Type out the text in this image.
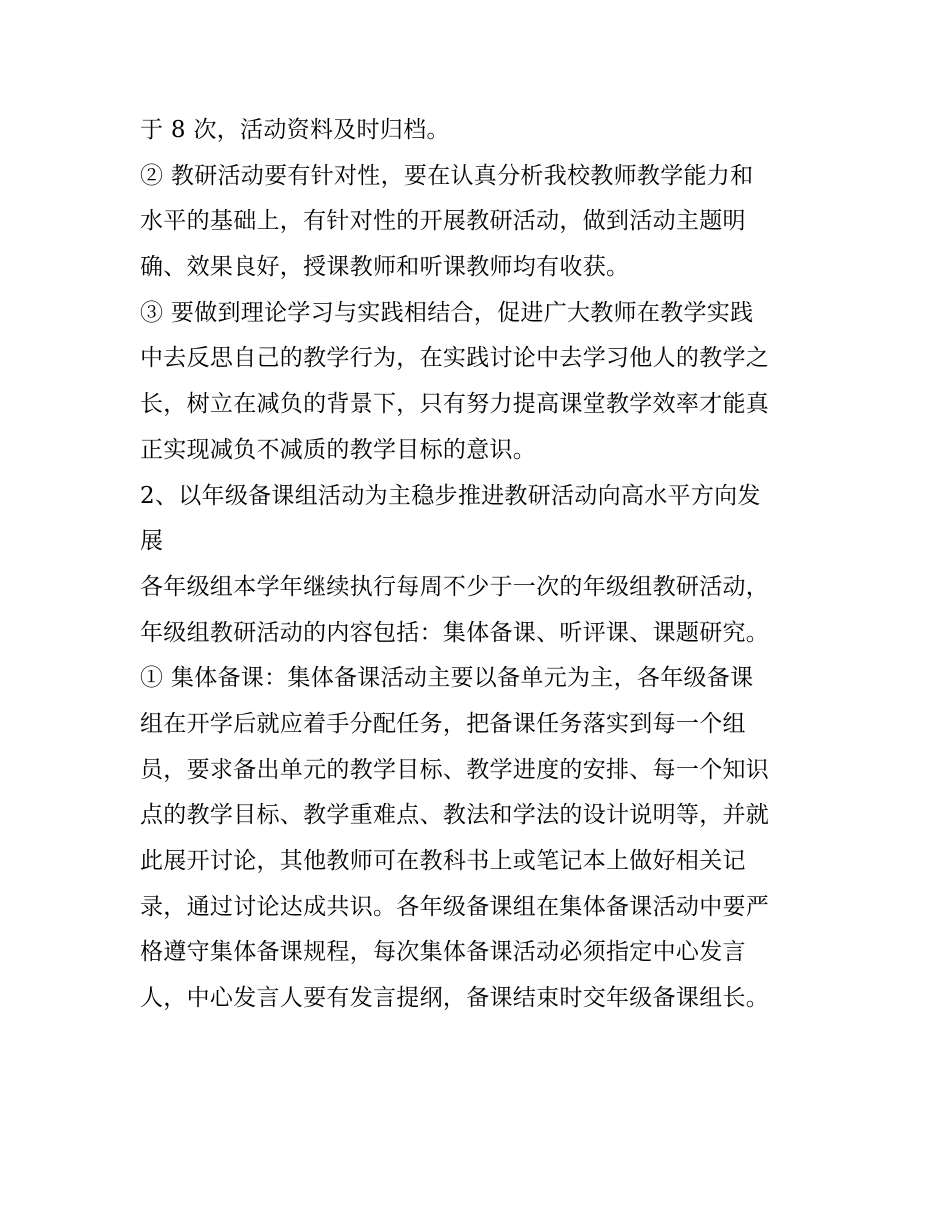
于 8 次，活动资料及时归档。
② 教研活动要有针对性，要在认真分析我校教师教学能力和
水平的基础上，有针对性的开展教研活动，做到活动主题明
确、效果良好，授课教师和听课教师均有收获。
③ 要做到理论学习与实践相结合，促进广大教师在教学实践
中去反思自己的教学行为，在实践讨论中去学习他人的教学之
长，树立在减负的背景下，只有努力提高课堂教学效率才能真
正实现减负不减质的教学目标的意识。
2、以年级备课组活动为主稳步推进教研活动向高水平方向发
展
各年级组本学年继续执行每周不少于一次的年级组教研活动，
年级组教研活动的内容包括：集体备课、听评课、课题研究。
① 集体备课：集体备课活动主要以备单元为主，各年级备课
组在开学后就应着手分配任务，把备课任务落实到每一个组
员，要求备出单元的教学目标、教学进度的安排、每一个知识
点的教学目标、教学重难点、教法和学法的设计说明等，并就
此展开讨论，其他教师可在教科书上或笔记本上做好相关记
录，通过讨论达成共识。各年级备课组在集体备课活动中要严
格遵守集体备课规程，每次集体备课活动必须指定中心发言
人，中心发言人要有发言提纲，备课结束时交年级备课组长。
